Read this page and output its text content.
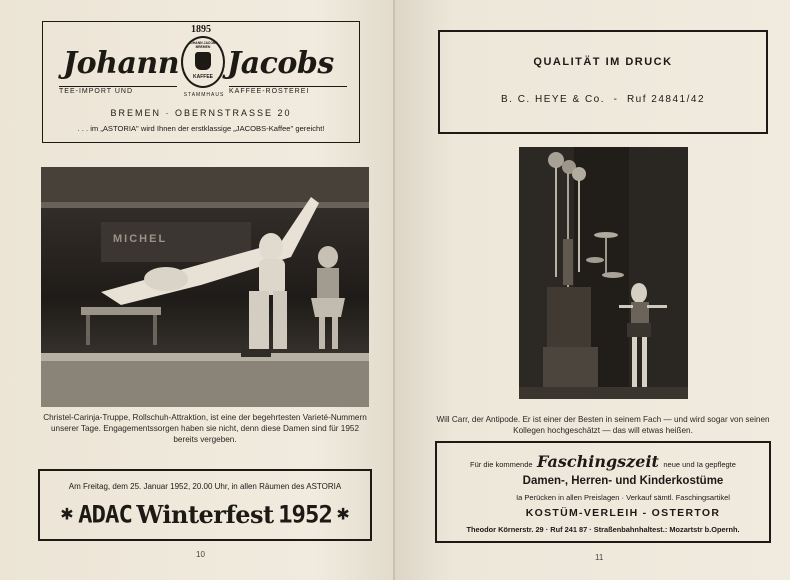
1895
Johann
JOHANN JACOBS BREMEN
KAFFEE Jacobs
TEE-IMPORT UND	STAMMHAUS KAFFEE-ROSTEREI
BREMEN · OBERNSTRASSE 20
. . . im „ASTORIA" wird Ihnen der erstklassige „JACOBS-Kaffee" gereicht!
MICHEL
Christel-Carinja-Truppe, Rollschuh-Attraktion, ist eine der begehrtesten Varieté-Nummern unserer Tage. Engagementssorgen haben sie nicht, denn diese Damen sind für 1952 bereits vergeben.
Am Freitag, dem 25. Januar 1952, 20.00 Uhr, in allen Räumen des ASTORIA
✱ ADAC Winterfest 1952 ✱
10
QUALITÄT IM DRUCK
B. C. HEYE & Co.  -  Ruf 24841/42
Will Carr, der Antipode. Er ist einer der Besten in seinem Fach — und wird sogar von seinen Kollegen hochgeschätzt — das will etwas heißen.
Für die kommende Faschingszeit neue und Ia gepflegte
Damen-, Herren- und Kinderkostüme
Ia Perücken in allen Preislagen · Verkauf sämtl. Faschingsartikel
KOSTÜM-VERLEIH - OSTERTOR
Theodor Körnerstr. 29 · Ruf 241 87 · Straßenbahnhaltest.: Mozartstr b.Opernh.
11
